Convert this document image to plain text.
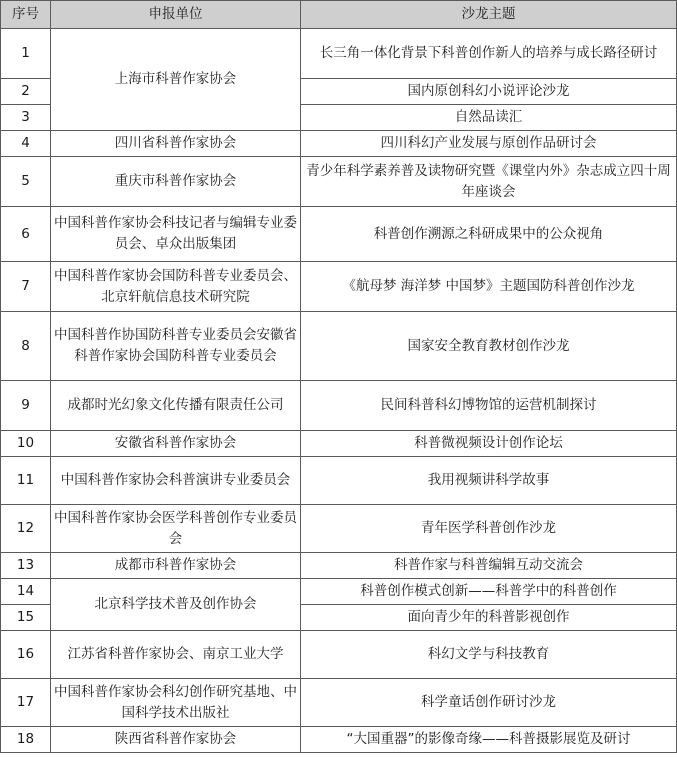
序号	申报单位	沙龙主题
1	上海市科普作家协会	长三角一体化背景下科普创作新人的培养与成长路径研讨
2		国内原创科幻小说评论沙龙
3		自然品读汇
4	四川省科普作家协会	四川科幻产业发展与原创作品研讨会
5	重庆市科普作家协会	青少年科学素养普及读物研究暨《课堂内外》杂志成立四十周年座谈会
6	中国科普作家协会科技记者与编辑专业委员会、卓众出版集团	科普创作溯源之科研成果中的公众视角
7	中国科普作家协会国防科普专业委员会、北京轩航信息技术研究院	《航母梦 海洋梦 中国梦》主题国防科普创作沙龙
8	中国科普作协国防科普专业委员会安徽省科普作家协会国防科普专业委员会	国家安全教育教材创作沙龙
9	成都时光幻象文化传播有限责任公司	民间科普科幻博物馆的运营机制探讨
10	安徽省科普作家协会	科普微视频设计创作论坛
11	中国科普作家协会科普演讲专业委员会	我用视频讲科学故事
12	中国科普作家协会医学科普创作专业委员会	青年医学科普创作沙龙
13	成都市科普作家协会	科普作家与科普编辑互动交流会
14	北京科学技术普及创作协会	科普创作模式创新——科普学中的科普创作
15		面向青少年的科普影视创作
16	江苏省科普作家协会、南京工业大学	科幻文学与科技教育
17	中国科普作家协会科幻创作研究基地、中国科学技术出版社	科学童话创作研讨沙龙
18	陕西省科普作家协会	“大国重器”的影像奇缘——科普摄影展览及研讨
